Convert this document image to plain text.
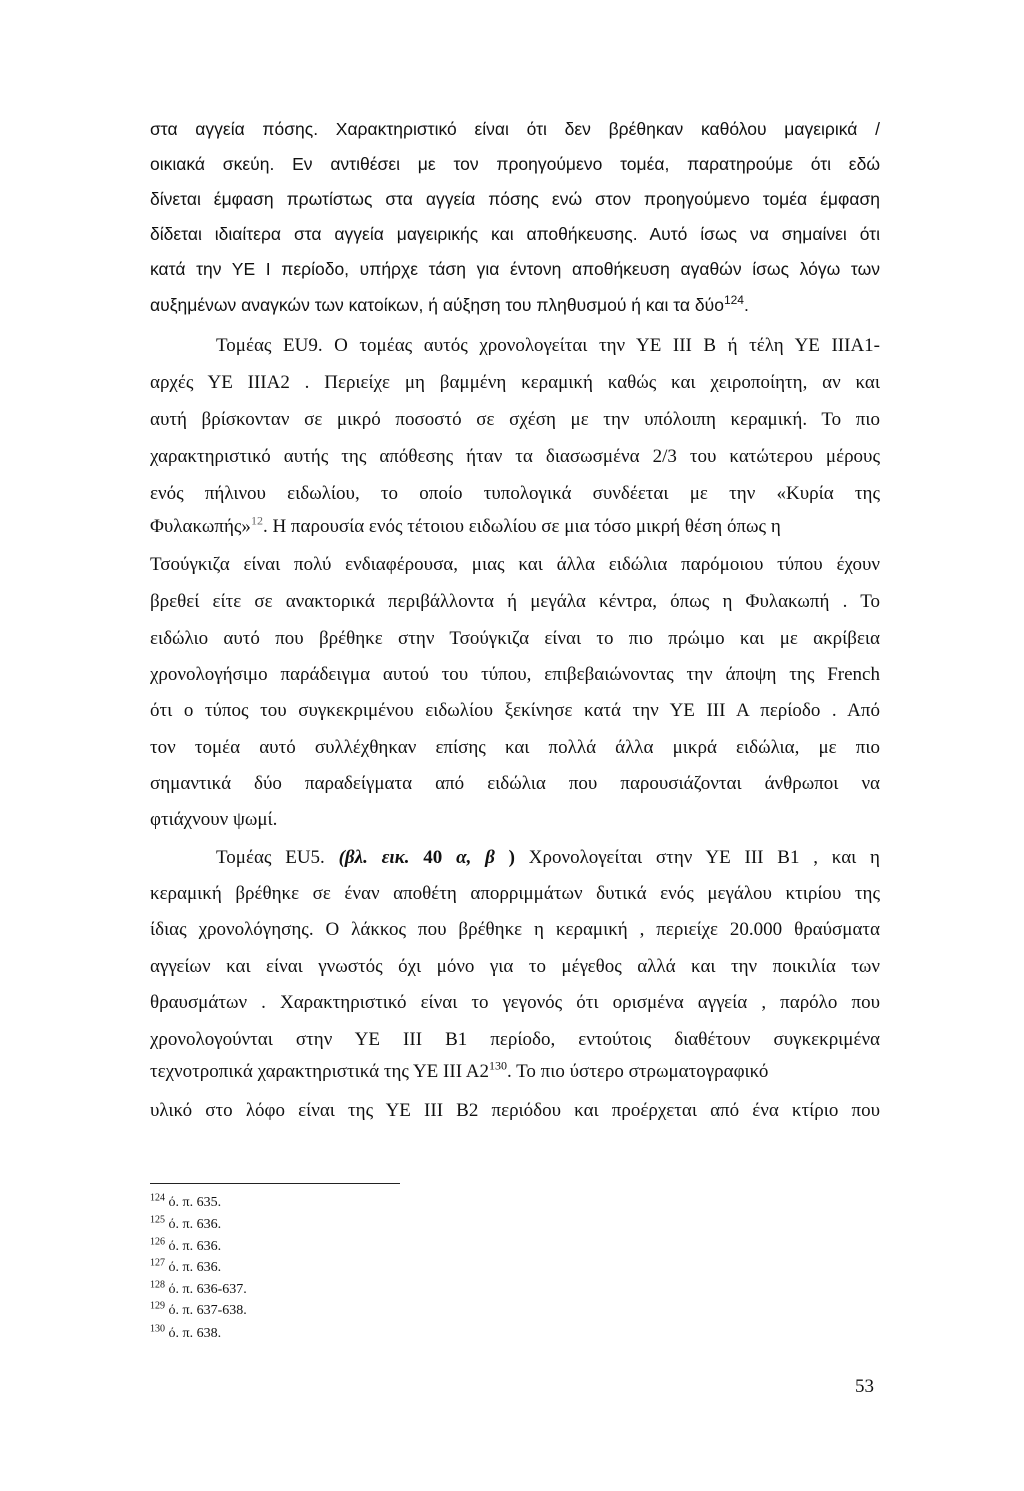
στα αγγεία πόσης. Χαρακτηριστικό είναι ότι δεν βρέθηκαν καθόλου μαγειρικά /
οικιακά σκεύη. Εν αντιθέσει με τον προηγούμενο τομέα, παρατηρούμε ότι εδώ
δίνεται έμφαση πρωτίστως στα αγγεία πόσης ενώ στον προηγούμενο τομέα έμφαση
δίδεται ιδιαίτερα στα αγγεία μαγειρικής και αποθήκευσης. Αυτό ίσως να σημαίνει ότι
κατά την ΥΕ Ι περίοδο, υπήρχε τάση για έντονη αποθήκευση αγαθών ίσως λόγω των
αυξημένων αναγκών των κατοίκων, ή αύξηση του πληθυσμού ή και τα δύο$^{124}$.
Τομέας EU9. Ο τομέας αυτός χρονολογείται την ΥΕ ΙΙΙ Β ή τέλη ΥΕ ΙΙΙΑ1-
αρχές ΥΕ ΙΙΙΑ2 . Περιείχε μη βαμμένη κεραμική καθώς και χειροποίητη, αν και
αυτή βρίσκονταν σε μικρό ποσοστό σε σχέση με την υπόλοιπη κεραμική. Το πιο
χαρακτηριστικό αυτής της απόθεσης ήταν τα διασωσμένα 2/3 του κατώτερου μέρους
ενός πήλινου ειδωλίου, το οποίο τυπολογικά συνδέεται με την «Κυρία της
Φυλακωπής»$^{12}$. Η παρουσία ενός τέτοιου ειδωλίου σε μια τόσο μικρή θέση όπως η
Τσούγκιζα είναι πολύ ενδιαφέρουσα, μιας και άλλα ειδώλια παρόμοιου τύπου έχουν
βρεθεί είτε σε ανακτορικά περιβάλλοντα ή μεγάλα κέντρα, όπως η Φυλακωπή . Το
ειδώλιο αυτό που βρέθηκε στην Τσούγκιζα είναι το πιο πρώιμο και με ακρίβεια
χρονολογήσιμο παράδειγμα αυτού του τύπου, επιβεβαιώνοντας την άποψη της French
ότι ο τύπος του συγκεκριμένου ειδωλίου ξεκίνησε κατά την ΥΕ ΙΙΙ Α περίοδο . Από
τον τομέα αυτό συλλέχθηκαν επίσης και πολλά άλλα μικρά ειδώλια, με πιο
σημαντικά δύο παραδείγματα από ειδώλια που παρουσιάζονται άνθρωποι να
φτιάχνουν ψωμί.
Τομέας EU5. (βλ. εικ. 40 α, β ) Χρονολογείται στην ΥΕ ΙΙΙ Β1 , και η
κεραμική βρέθηκε σε έναν αποθέτη απορριμμάτων δυτικά ενός μεγάλου κτιρίου της
ίδιας χρονολόγησης. Ο λάκκος που βρέθηκε η κεραμική , περιείχε 20.000 θραύσματα
αγγείων και είναι γνωστός όχι μόνο για το μέγεθος αλλά και την ποικιλία των
θραυσμάτων . Χαρακτηριστικό είναι το γεγονός ότι ορισμένα αγγεία , παρόλο που
χρονολογούνται στην ΥΕ ΙΙΙ Β1 περίοδο, εντούτοις διαθέτουν συγκεκριμένα
τεχνοτροπικά χαρακτηριστικά της ΥΕ ΙΙΙ $A2^{130}$. Το πιο ύστερο στρωματογραφικό
υλικό στο λόφο είναι της ΥΕ ΙΙΙ Β2 περιόδου και προέρχεται από ένα κτίριο που
$^{124}$ ό. π. 635.
$^{125}$ ό. π. 636.
$^{126}$ ό. π. 636.
$^{127}$ ό. π. 636.
$^{128}$ ό. π. 636-637.
$^{129}$ ό. π. 637-638.
$^{130}$ ό. π. 638.
53
